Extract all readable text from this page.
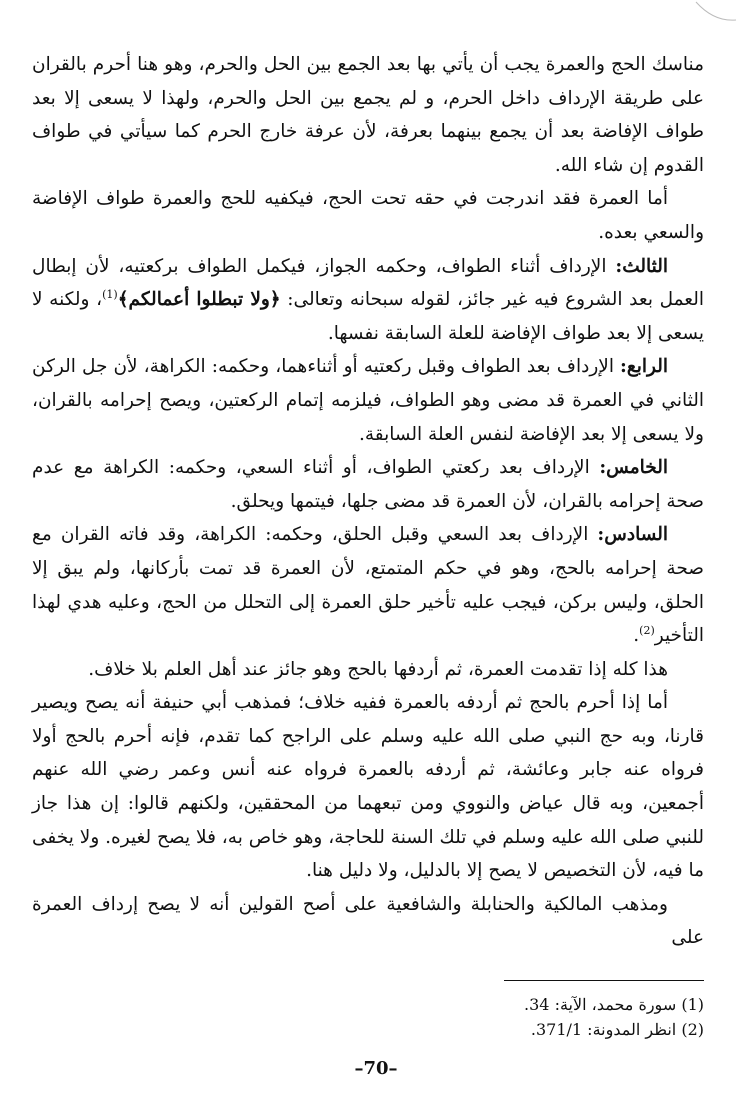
مناسك الحج والعمرة يجب أن يأتي بها بعد الجمع بين الحل والحرم، وهو هنا أحرم بالقران على طريقة الإرداف داخل الحرم، و لم يجمع بين الحل والحرم، ولهذا لا يسعى إلا بعد طواف الإفاضة بعد أن يجمع بينهما بعرفة، لأن عرفة خارج الحرم كما سيأتي في طواف القدوم إن شاء الله.

أما العمرة فقد اندرجت في حقه تحت الحج، فيكفيه للحج والعمرة طواف الإفاضة والسعي بعده.

الثالث: الإرداف أثناء الطواف، وحكمه الجواز، فيكمل الطواف بركعتيه، لأن إبطال العمل بعد الشروع فيه غير جائز، لقوله سبحانه وتعالى: ﴿ولا تبطلوا أعمالكم﴾$^{(1)}$، ولكنه لا يسعى إلا بعد طواف الإفاضة للعلة السابقة نفسها.

الرابع: الإرداف بعد الطواف وقبل ركعتيه أو أثناءهما، وحكمه: الكراهة، لأن جل الركن الثاني في العمرة قد مضى وهو الطواف، فيلزمه إتمام الركعتين، ويصح إحرامه بالقران، ولا يسعى إلا بعد الإفاضة لنفس العلة السابقة.

الخامس: الإرداف بعد ركعتي الطواف، أو أثناء السعي، وحكمه: الكراهة مع عدم صحة إحرامه بالقران، لأن العمرة قد مضى جلها، فيتمها ويحلق.

السادس: الإرداف بعد السعي وقبل الحلق، وحكمه: الكراهة، وقد فاته القران مع صحة إحرامه بالحج، وهو في حكم المتمتع، لأن العمرة قد تمت بأركانها، ولم يبق إلا الحلق، وليس بركن، فيجب عليه تأخير حلق العمرة إلى التحلل من الحج، وعليه هدي لهذا التأخير$^{(2)}$.

هذا كله إذا تقدمت العمرة، ثم أردفها بالحج وهو جائز عند أهل العلم بلا خلاف.

أما إذا أحرم بالحج ثم أردفه بالعمرة ففيه خلاف؛ فمذهب أبي حنيفة أنه يصح ويصير قارنا، وبه حج النبي صلى الله عليه وسلم على الراجح كما تقدم، فإنه أحرم بالحج أولا فرواه عنه جابر وعائشة، ثم أردفه بالعمرة فرواه عنه أنس وعمر رضي الله عنهم أجمعين، وبه قال عياض والنووي ومن تبعهما من المحققين، ولكنهم قالوا: إن هذا جاز للنبي صلى الله عليه وسلم في تلك السنة للحاجة، وهو خاص به، فلا يصح لغيره. ولا يخفى ما فيه، لأن التخصيص لا يصح إلا بالدليل، ولا دليل هنا.

ومذهب المالكية والحنابلة والشافعية على أصح القولين أنه لا يصح إرداف العمرة على

(1) سورة محمد، الآية: 34.

(2) انظر المدونة: 371/1.

–70–
